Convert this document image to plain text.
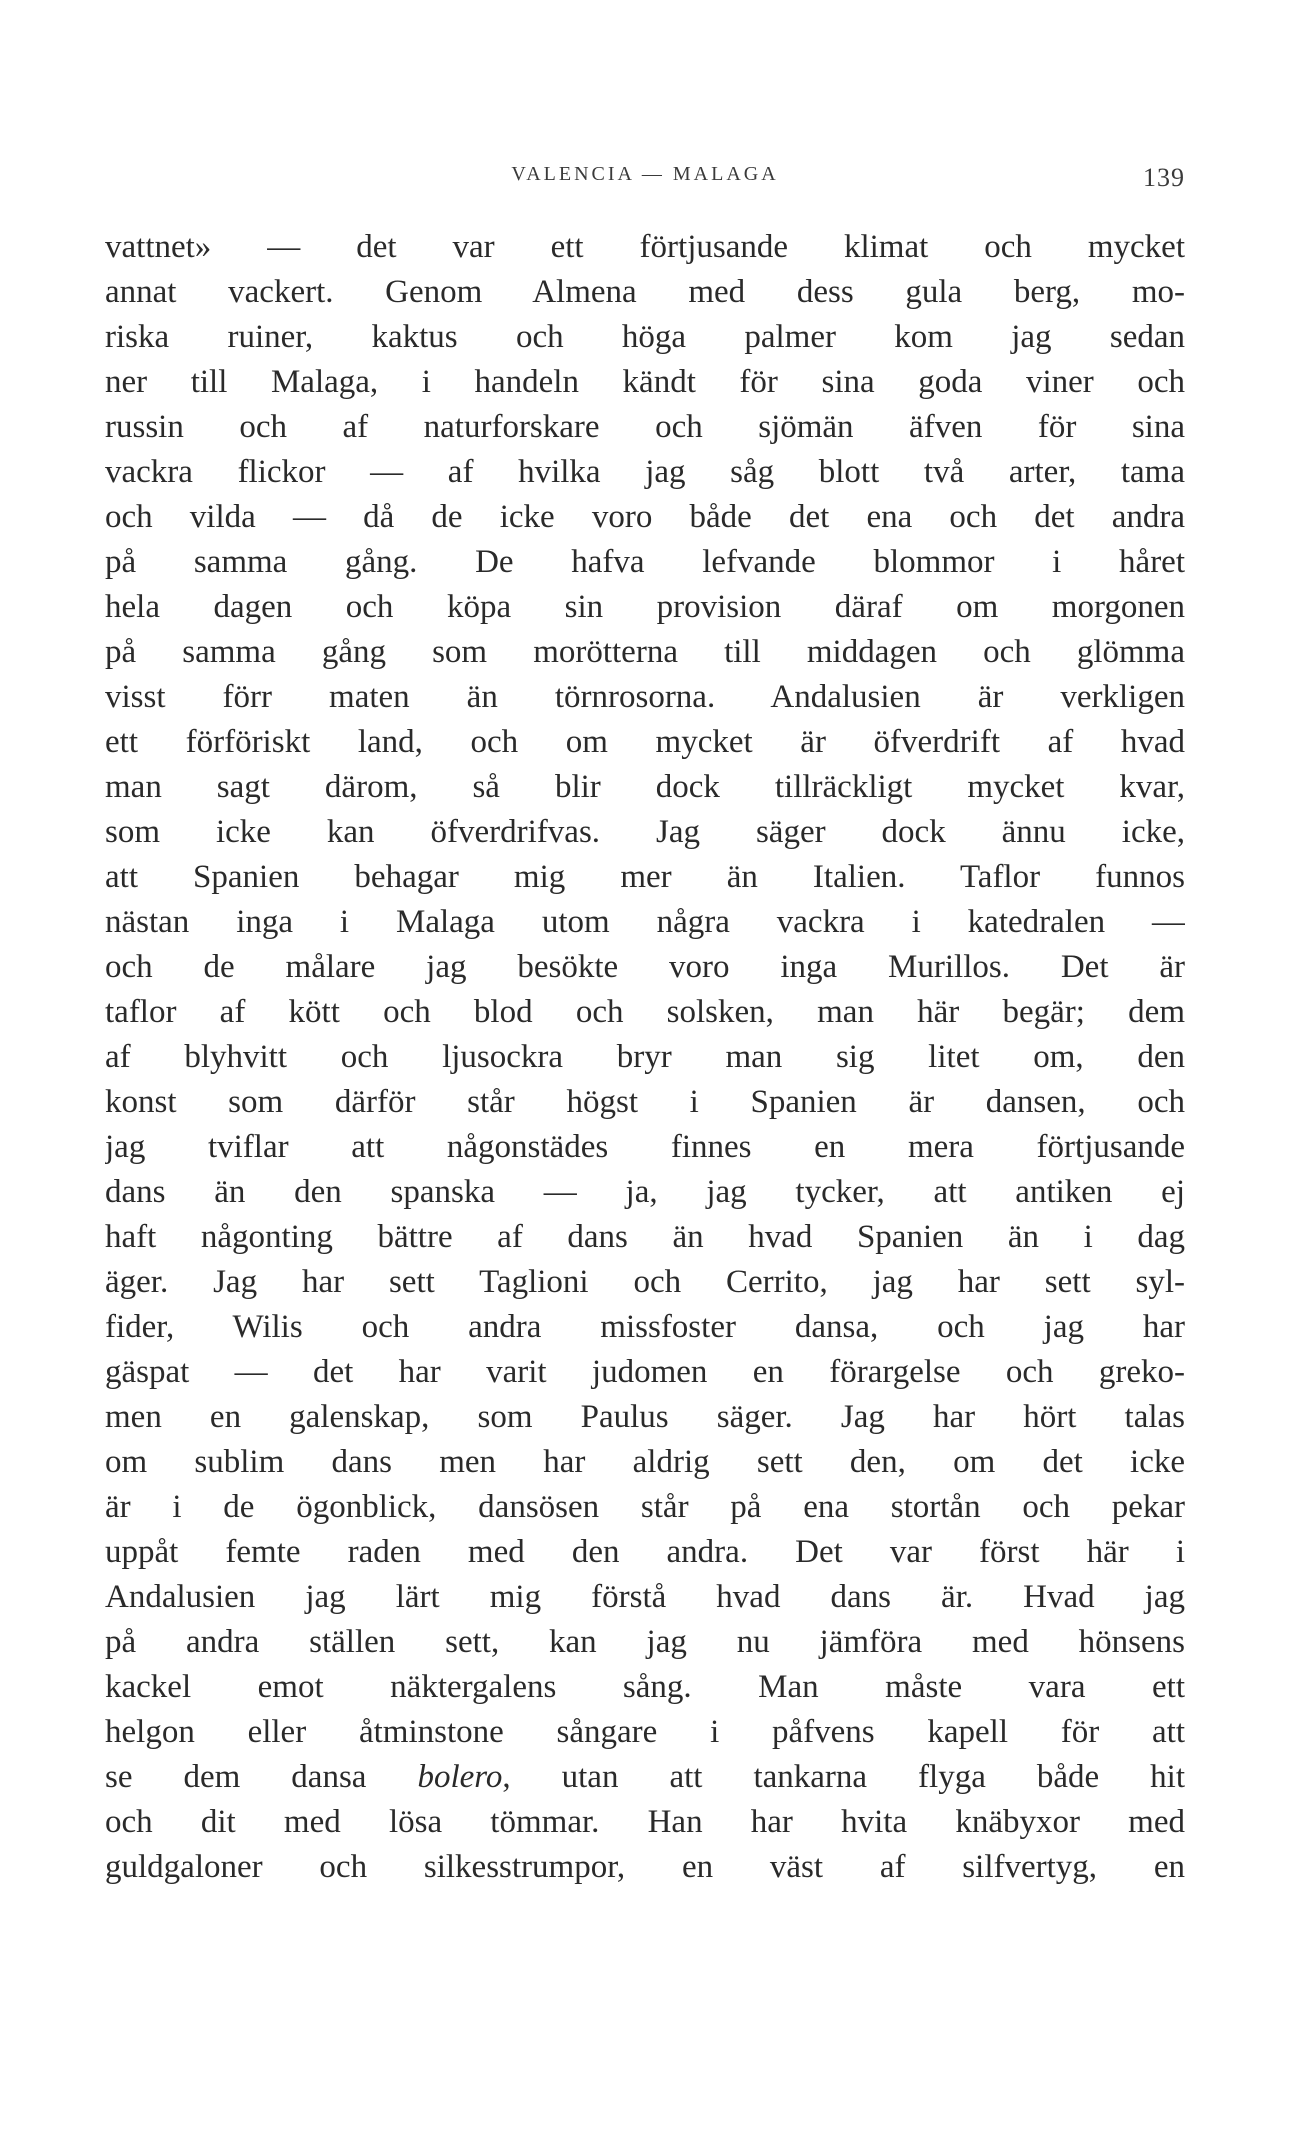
VALENCIA — MALAGA	139
vattnet» — det var ett förtjusande klimat och mycket
annat vackert. Genom Almena med dess gula berg, mo-
riska ruiner, kaktus och höga palmer kom jag sedan
ner till Malaga, i handeln kändt för sina goda viner och
russin och af naturforskare och sjömän äfven för sina
vackra flickor — af hvilka jag såg blott två arter, tama
och vilda — då de icke voro både det ena och det andra
på samma gång. De hafva lefvande blommor i håret
hela dagen och köpa sin provision däraf om morgonen
på samma gång som morötterna till middagen och glömma
visst förr maten än törnrosorna. Andalusien är verkligen
ett förföriskt land, och om mycket är öfverdrift af hvad
man sagt därom, så blir dock tillräckligt mycket kvar,
som icke kan öfverdrifvas. Jag säger dock ännu icke,
att Spanien behagar mig mer än Italien. Taflor funnos
nästan inga i Malaga utom några vackra i katedralen —
och de målare jag besökte voro inga Murillos. Det är
taflor af kött och blod och solsken, man här begär; dem
af blyhvitt och ljusockra bryr man sig litet om, den
konst som därför står högst i Spanien är dansen, och
jag tviflar att någonstädes finnes en mera förtjusande
dans än den spanska — ja, jag tycker, att antiken ej
haft någonting bättre af dans än hvad Spanien än i dag
äger. Jag har sett Taglioni och Cerrito, jag har sett syl-
fider, Wilis och andra missfoster dansa, och jag har
gäspat — det har varit judomen en förargelse och greko-
men en galenskap, som Paulus säger. Jag har hört talas
om sublim dans men har aldrig sett den, om det icke
är i de ögonblick, dansösen står på ena stortån och pekar
uppåt femte raden med den andra. Det var först här i
Andalusien jag lärt mig förstå hvad dans är. Hvad jag
på andra ställen sett, kan jag nu jämföra med hönsens
kackel emot näktergalens sång. Man måste vara ett
helgon eller åtminstone sångare i påfvens kapell för att
se dem dansa bolero, utan att tankarna flyga både hit
och dit med lösa tömmar. Han har hvita knäbyxor med
guldgaloner och silkesstrumpor, en väst af silfvertyg, en
